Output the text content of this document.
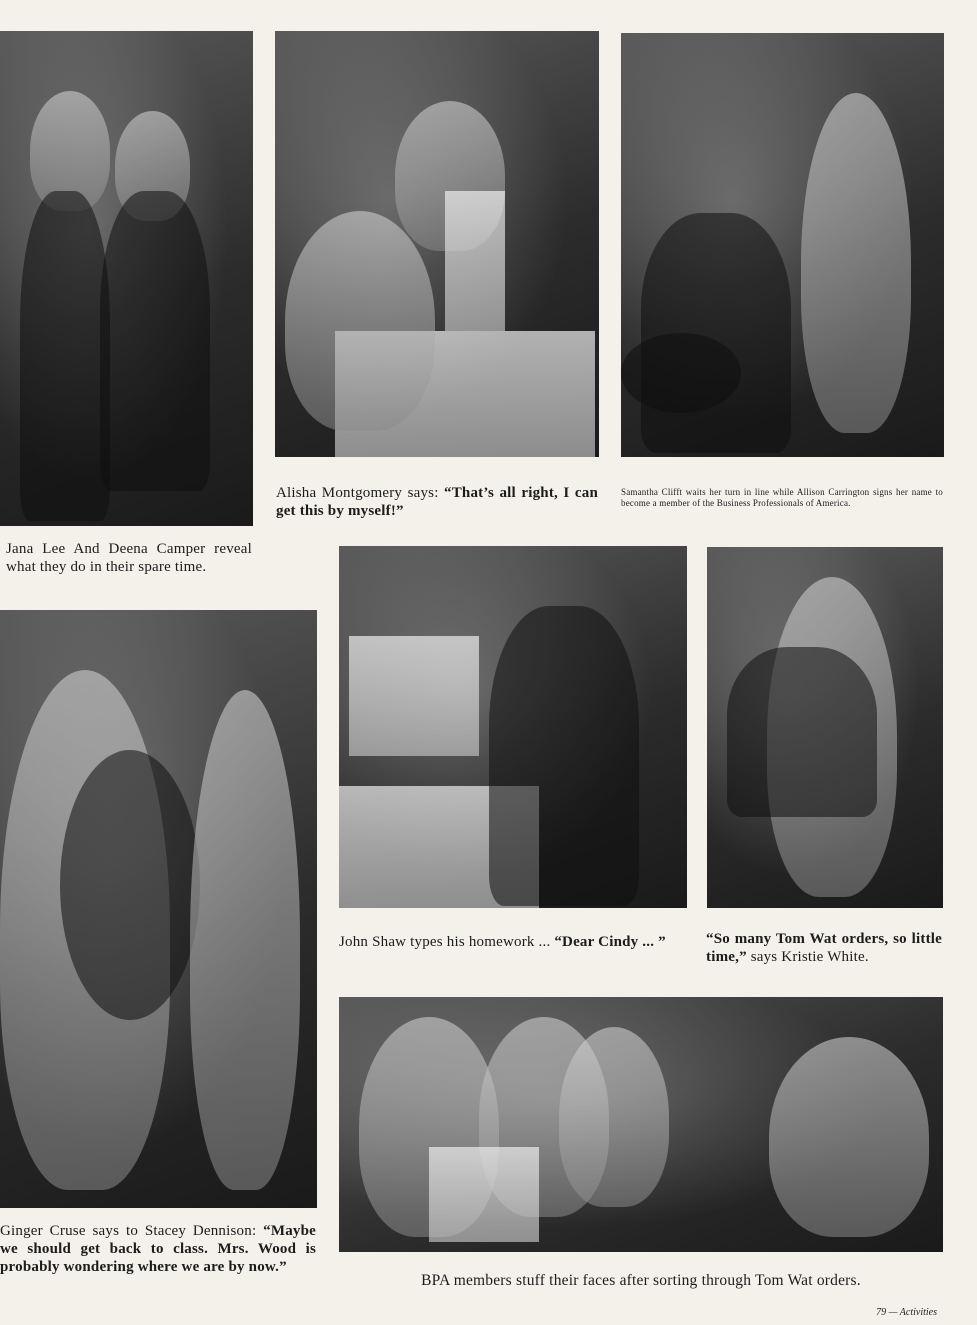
Jana Lee And Deena Camper reveal what they do in their spare time.
Alisha Montgomery says: “That’s all right, I can get this by myself!”
Samantha Clifft waits her turn in line while Allison Carrington signs her name to become a member of the Business Professionals of America.
John Shaw types his homework ... “Dear Cindy ... ”	“So many Tom Wat orders, so little time,” says Kristie White.
Ginger Cruse says to Stacey Dennison: “Maybe we should get back to class. Mrs. Wood is probably wondering where we are by now.”
BPA members stuff their faces after sorting through Tom Wat orders.
79 — Activities
